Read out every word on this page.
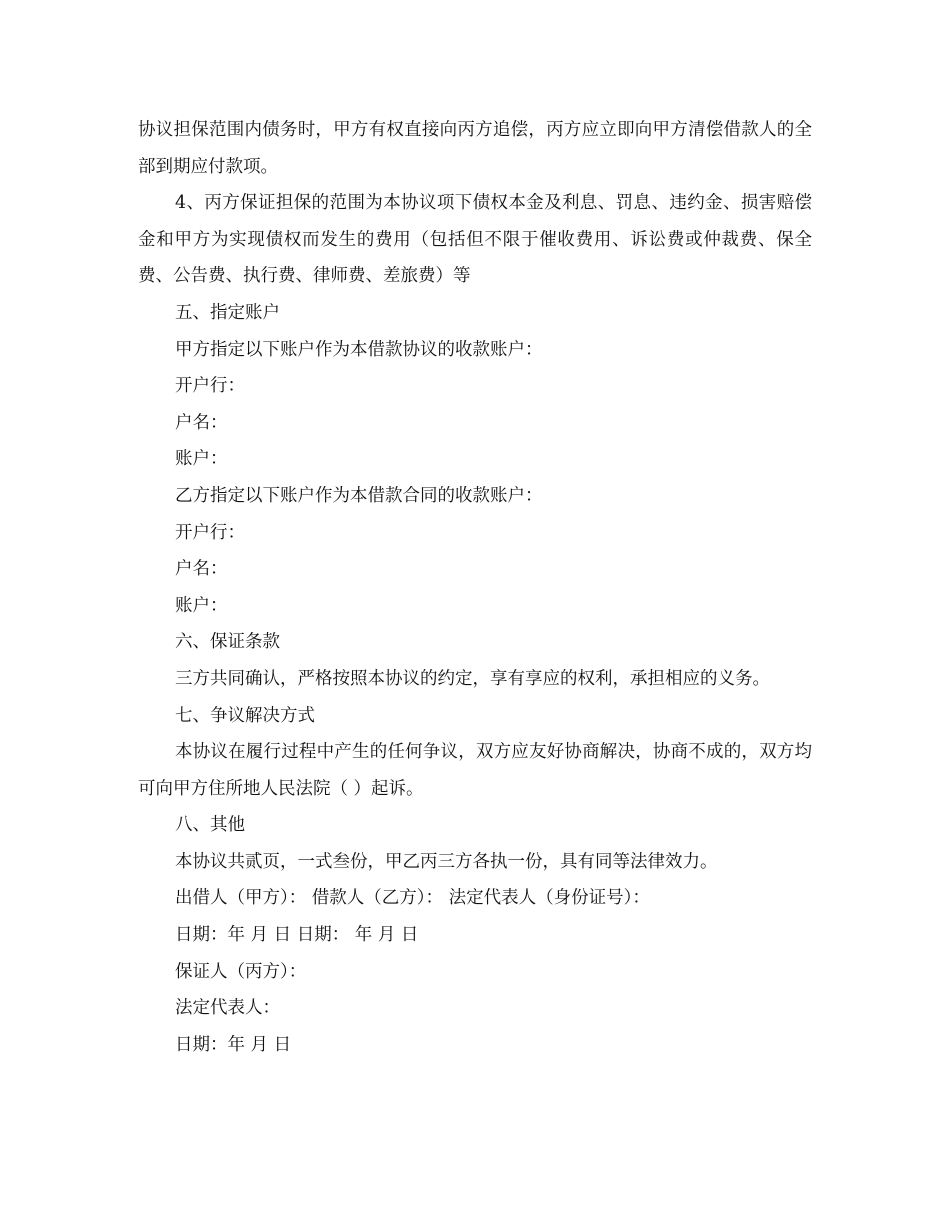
协议担保范围内债务时，甲方有权直接向丙方追偿，丙方应立即向甲方清偿借款人的全部到期应付款项。

4、丙方保证担保的范围为本协议项下债权本金及利息、罚息、违约金、损害赔偿金和甲方为实现债权而发生的费用（包括但不限于催收费用、诉讼费或仲裁费、保全费、公告费、执行费、律师费、差旅费）等

五、指定账户

甲方指定以下账户作为本借款协议的收款账户：

开户行：

户名：

账户：

乙方指定以下账户作为本借款合同的收款账户：

开户行：

户名：

账户：

六、保证条款

三方共同确认，严格按照本协议的约定，享有享应的权利，承担相应的义务。

七、争议解决方式

本协议在履行过程中产生的任何争议，双方应友好协商解决，协商不成的，双方均可向甲方住所地人民法院（ ）起诉。

八、其他

本协议共贰页，一式叁份，甲乙丙三方各执一份，具有同等法律效力。

出借人（甲方）： 借款人（乙方）： 法定代表人（身份证号）：

日期：年 月 日 日期： 年 月 日

保证人（丙方）：

法定代表人：

日期：年 月 日
